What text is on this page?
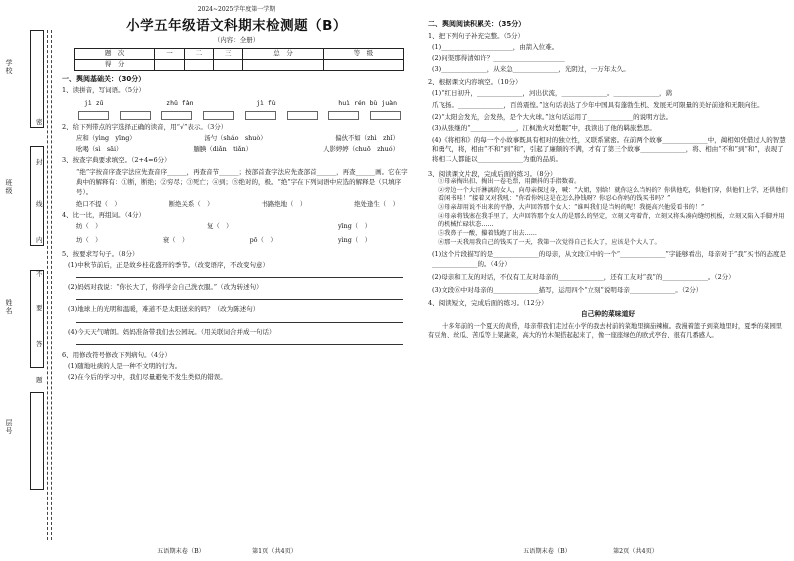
学校
班级
姓名
层号
密
封
线
内
不
要
答
题
2024~2025学年度第一学期
小学五年级语文科期末检测题（B）
（内容：全册）
题　次	一	二	三	总　分	等　级
得　分					
一、舆阅基础关：（30分）
1、读拼音，写词语。（5分）
jì zǔ	zhǔ fàn	jì fù	huì rén bù juàn
2、给下列带点的字选择正确的读音，用“√”表示。（3分）
应和（yìng　yīng）	汤勺（sháo　shuò）	偏伙不如（zhì　zhǐ）
吆喝（sì　sāi）	腼腆（diǎn　tiǎn）	人影婷婷（chuō　zhuó）
3、按查字典要求填空。（2+4=6分）
“绝”字按音序查字法应先查音序______，再查音节______；按部首查字法应先查部首______，再查______画。它在字典中的解释有：①断，断绝；②穷尽；③死亡；④到；⑤绝对的，极。“绝”字在下列词语中应选的解释是（只填序号）。
绝口不提（　）	断绝关系（　）	书路绝地（　）	绝处逢生（　）
4、比一比，再组词。（4分）
纺（　）	复（　）	yīng（　）
坊（　）	衰（　）	pō（　）	yìng（　）
5、按要求写句子。（8分）
(1)中秋节前后，正是故乡桂花盛开的季节。（改变语序，不改变句意）
(2)妈妈对我说：“你长大了，你得学会自己洗衣服。”（改为转述句）
(3)地球上的光明和温暖，难道不是太阳送来的吗？（改为陈述句）
(4)今天天气晴朗。妈妈准备带我们去公园玩。（用关联词合并成一句话）
6、用修改符号修改下列病句。（4分）
(1)随地吐痰的人是一种不文明的行为。
(2)在今后的学习中，我们尽量避免不发生类似的错误。
五语期末卷（B）	第1页（共4页）
二、舆阅阅读积累关：（35分）
1、把下列句子补充完整。（5分）
(1)______________________，由箭入位难。
(2)问渠那得清如许？______________________
(3)______________，从来急______________，光阴过，一万年太久。
2、根据课文内容填空。（10分）
(1)“红日初升，______________，河出伏流，______________。______________，鹞
爪飞扬。______________，百兽震惶。”这句话表达了少年中国具有蓬勃生机、发展无可限量的美好前途和无限向往。
(2)“太阳会发光，会发热，是个大火球。”这句话运用了______________的说明方法。
(3)从张继的“______________，江枫渔火对愁眠”中，我读出了他的羁旅愁思。
(4)《将相和》的每一个小故事既具有相对的独立性，又联系紧密。在前两个故事______________中，蔺相如凭借过人的智慧和勇气，将，相由“不和”到“和”，引起了廉颇的不满，才有了第三个故事______________，将、相由“不和”到“和”，表现了将相二人都能以______________为重的品质。
3、阅读课文片段，完成后面的练习。（8分）
①母亲掏出扣、掏出一卷毛票，用颤抖的手指数着。
②旁边一个大汗淋漓的女人，向母亲探过身，喊：“大姐，别给！就你这么当妈的？你供他吃，供他们穿，供他们上学，还供他们看闲书哇！”接着又对我吼：“你看你妈这是在怎么挣钱呀？你忍心你妈的钱买书吗？”
③母亲却用说不出来的平静，大声回答那个女人：“谁叫我们是当妈的呢！我挺高兴他爱看书的！”
④母亲将钱塞在我手里了，大声回答那个女人的是那么的坚定，立刻又弯着背，立刻又将头凑向缝纫机板，立刻又陷入手脚并用的机械忙碌状态……
⑤我鼻子一酸，攥着钱跑了出去……
⑥那一天我用我自己的钱买了一天，我第一次觉得自己长大了，应该是个大人了。
(1)这个片段描写的是______________的母亲，从文段①中的一个“______________”字能够看出，母亲对于“我”买书的态度是______________的。（4分）
(2)母亲和工友的对话，不仅有工友对母亲的______________，还有工友对“我”的______________。（2分）
(3)文段⑥中对母亲的______________描写，运用四个“立刻”说明母亲______________。（2分）
4、阅读短文，完成后面的练习。（12分）
自己种的菜味道好
十多年前的一个夏天的黄昏，母亲带我们走过在小学的我去村前的菜地里摘茄辣椒。我漫着篮子到菜地里时，夏季的菜园里有豆角、丝瓜、苦瓜等上架蔬菜，高大的竹木架搭起起来了，像一座座绿色的欧式亭台、很有几番感人。
五语期末卷（B）	第2页（共4页）
